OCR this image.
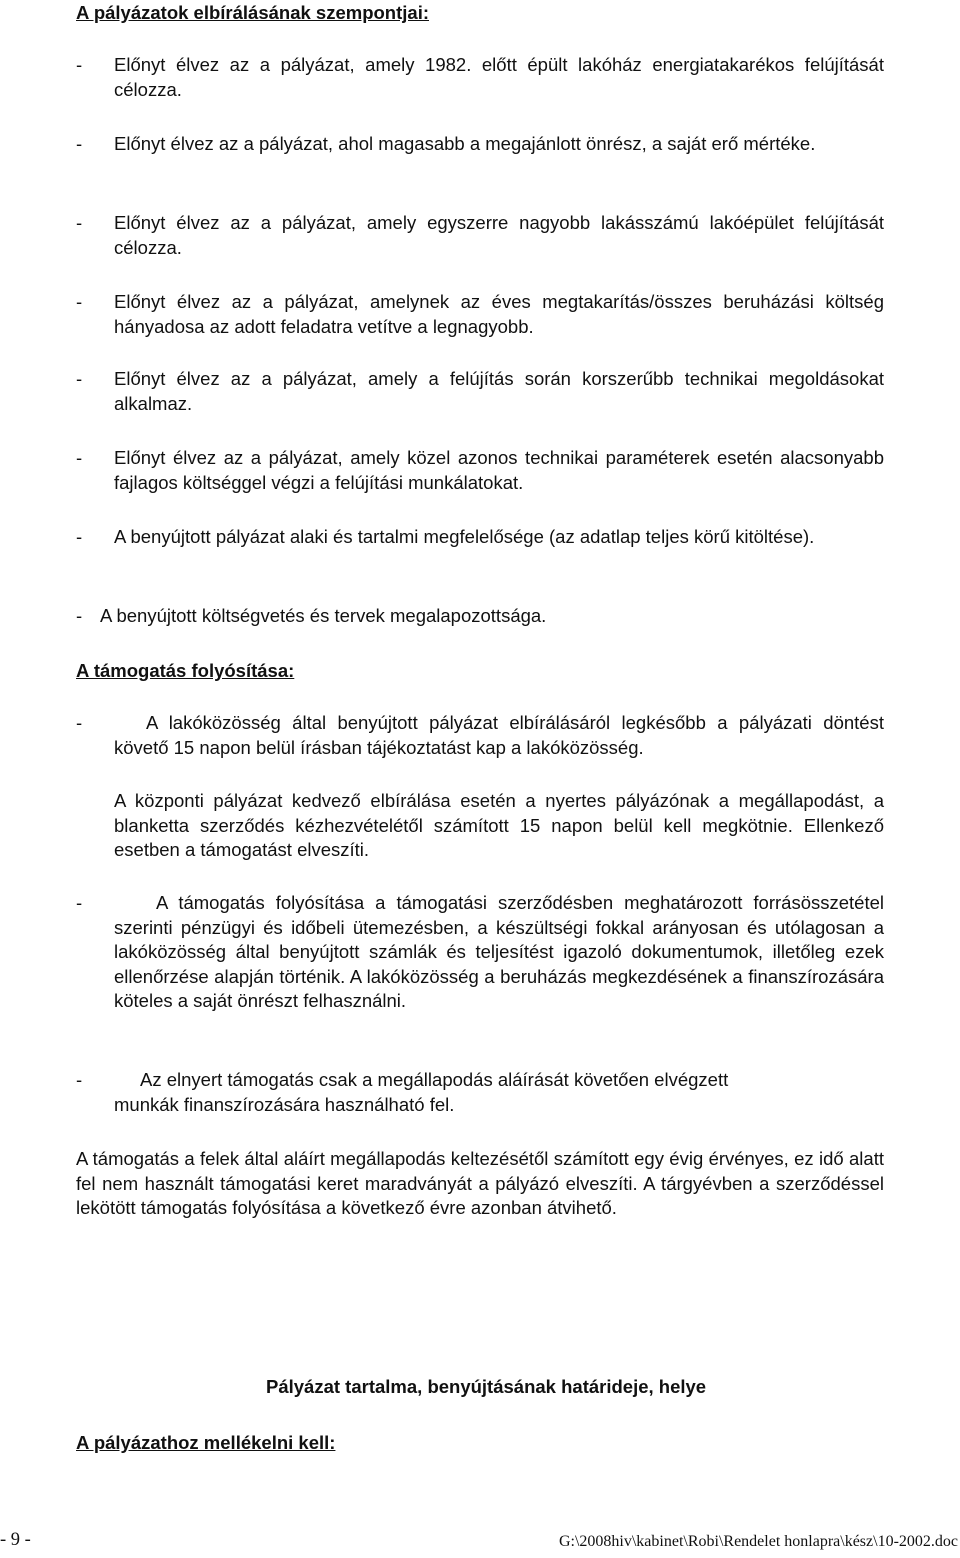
A pályázatok elbírálásának szempontjai:
- Előnyt élvez az a pályázat, amely 1982. előtt épült lakóház energiatakarékos felújítását célozza.
- Előnyt élvez az a pályázat, ahol magasabb a megajánlott önrész, a saját erő mértéke.
- Előnyt élvez az a pályázat, amely egyszerre nagyobb lakásszámú lakóépület felújítását célozza.
- Előnyt élvez az a pályázat, amelynek az éves megtakarítás/összes beruházási költség hányadosa az adott feladatra vetítve a legnagyobb.
- Előnyt élvez az a pályázat, amely a felújítás során korszerűbb technikai megoldásokat alkalmaz.
- Előnyt élvez az a pályázat, amely közel azonos technikai paraméterek esetén alacsonyabb fajlagos költséggel végzi a felújítási munkálatokat.
- A benyújtott pályázat alaki és tartalmi megfelelősége (az adatlap teljes körű kitöltése).
- A benyújtott költségvetés és tervek megalapozottsága.
A támogatás folyósítása:
-	A lakóközösség által benyújtott pályázat elbírálásáról legkésőbb a pályázati döntést követő 15 napon belül írásban tájékoztatást kap a lakóközösség.
A központi pályázat kedvező elbírálása esetén a nyertes pályázónak a megállapodást, a blanketta szerződés kézhezvételétől számított 15 napon belül kell megkötnie. Ellenkező esetben a támogatást elveszíti.
-	A támogatás folyósítása a támogatási szerződésben meghatározott forrásösszetétel szerinti pénzügyi és időbeli ütemezésben, a készültségi fokkal arányosan és utólagosan a lakóközösség által benyújtott számlák és teljesítést igazoló dokumentumok, illetőleg ezek ellenőrzése alapján történik. A lakóközösség a beruházás megkezdésének a finanszírozására köteles a saját önrészt felhasználni.
-	Az elnyert támogatás csak a megállapodás aláírását követően elvégzett
munkák finanszírozására használható fel.
A támogatás a felek által aláírt megállapodás keltezésétől számított egy évig érvényes, ez idő alatt fel nem használt támogatási keret maradványát a pályázó elveszíti. A tárgyévben a szerződéssel lekötött támogatás folyósítása a következő évre azonban átvihető.
Pályázat tartalma, benyújtásának határideje, helye
A pályázathoz mellékelni kell:
- 9 -	G:\2008hiv\kabinet\Robi\Rendelet honlapra\kész\10-2002.doc
